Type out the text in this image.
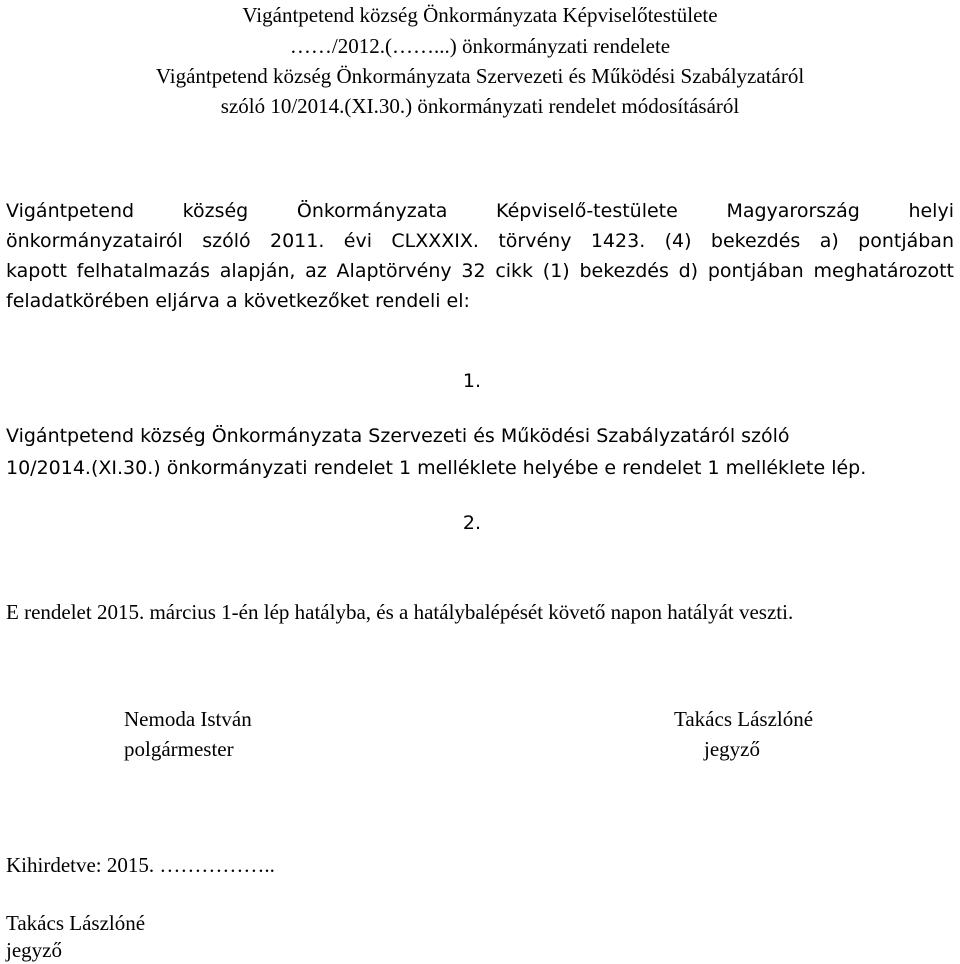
Vigántpetend község Önkormányzata Képviselőtestülete
……/2012.(……...) önkormányzati rendelete
Vigántpetend község Önkormányzata Szervezeti és Működési Szabályzatáról
szóló 10/2014.(XI.30.) önkormányzati rendelet módosításáról
Vigántpetend község Önkormányzata Képviselő-testülete Magyarország helyi
önkormányzatairól szóló 2011. évi CLXXXIX. törvény 1423. (4) bekezdés a) pontjában
kapott felhatalmazás alapján, az Alaptörvény 32 cikk (1) bekezdés d) pontjában meghatározott
feladatkörében eljárva a következőket rendeli el:
1.
Vigántpetend község Önkormányzata Szervezeti és Működési Szabályzatáról szóló
10/2014.(XI.30.) önkormányzati rendelet 1 melléklete helyébe e rendelet 1 melléklete lép.
2.
E rendelet 2015. március 1-én lép hatályba, és a hatálybalépését követő napon hatályát veszti.
Nemoda István
polgármester
Takács Lászlóné
jegyző
Kihirdetve: 2015. ……………..
Takács Lászlóné
jegyző
